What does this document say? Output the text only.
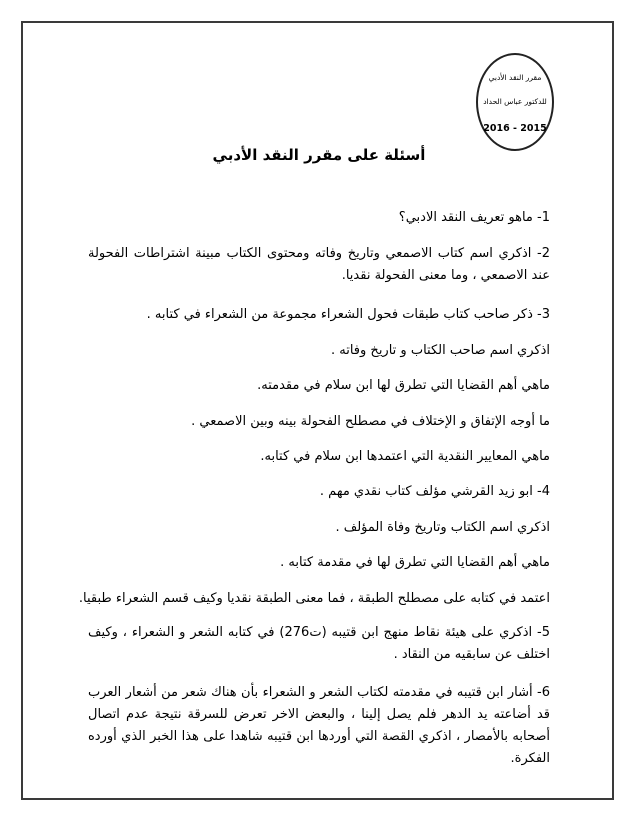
مقرر النقد الأدبي
للدكتور عباس الحداد
2016 - 2015
أسئلة على مقرر النقد الأدبي
1- ماهو تعريف النقد الادبي؟
2- اذكري اسم كتاب الاصمعي وتاريخ وفاته ومحتوى الكتاب مبينة اشتراطات الفحولة عند الاصمعي ، وما معنى الفحولة نقديا.
3- ذكر صاحب كتاب طبقات فحول الشعراء مجموعة من الشعراء في كتابه .
اذكري اسم صاحب الكتاب و تاريخ وفاته .
ماهي أهم القضايا التي تطرق لها ابن سلام في مقدمته.
ما أوجه الإتفاق و الإختلاف في مصطلح الفحولة بينه وبين الاصمعي .
ماهي المعايير النقدية التي اعتمدها ابن سلام في كتابه.
4- ابو زيد القرشي مؤلف كتاب نقدي مهم .
اذكري اسم الكتاب وتاريخ وفاة المؤلف .
ماهي أهم القضايا التي تطرق لها في مقدمة كتابه .
اعتمد في كتابه على مصطلح الطبقة ، فما معنى الطبقة نقديا وكيف قسم الشعراء طبقيا.
5- اذكري على هيئة نقاط منهج ابن قتيبه (ت276) في كتابه الشعر و الشعراء ، وكيف اختلف عن سابقيه من النقاد .
6- أشار ابن قتيبه في مقدمته لكتاب الشعر و الشعراء بأن هناك شعر من أشعار العرب قد أضاعته يد الدهر فلم يصل إلينا ، والبعض الاخر تعرض للسرقة نتيجة عدم اتصال أصحابه بالأمصار ، اذكري القصة التي أوردها ابن قتيبه شاهدا على هذا الخبر الذي أورده الفكرة.
